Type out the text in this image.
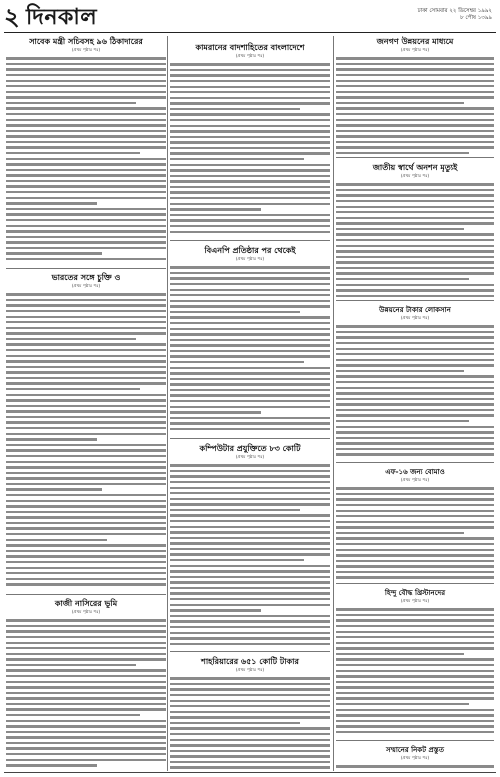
২ দিনকাল	ঢাকা সোমবার ২২ ডিসেম্বর ১৯৯২
৮ পৌষ ১৩৯৯
সাবেক মন্ত্রী সচিবসহ ৯৬ ঠিকাদারের
(প্রথম পৃষ্ঠার পর)	কামরানের বাদশাহিতের বাংলাদেশে
(প্রথম পৃষ্ঠার পর)
জনগণ উন্নয়নের মাধ্যমে
(প্রথম পৃষ্ঠার পর)
জাতীয় স্বার্থে অনশন মৃত্যুই
(প্রথম পৃষ্ঠার পর)
ভারতের সঙ্গে চুক্তি ও
(প্রথম পৃষ্ঠার পর)
বিএনপি প্রতিষ্ঠার পর থেকেই
(প্রথম পৃষ্ঠার পর)
উন্নয়নের টাকার লোকসান
(প্রথম পৃষ্ঠার পর)
কম্পিউটার প্রযুক্তিতে ৮৩ কোটি
(প্রথম পৃষ্ঠার পর)
এফ-১৬ জন্য বোমাও
(প্রথম পৃষ্ঠার পর)
হিন্দু বৌদ্ধ খ্রিস্টানদের
(প্রথম পৃষ্ঠার পর)
কাজী নাসিরের ভূমি
(প্রথম পৃষ্ঠার পর)
শাহরিয়ারের ৬৫১ কোটি টাকার
(প্রথম পৃষ্ঠার পর)
সম্মানের নিকট প্রস্তুত
(প্রথম পৃষ্ঠার পর)
